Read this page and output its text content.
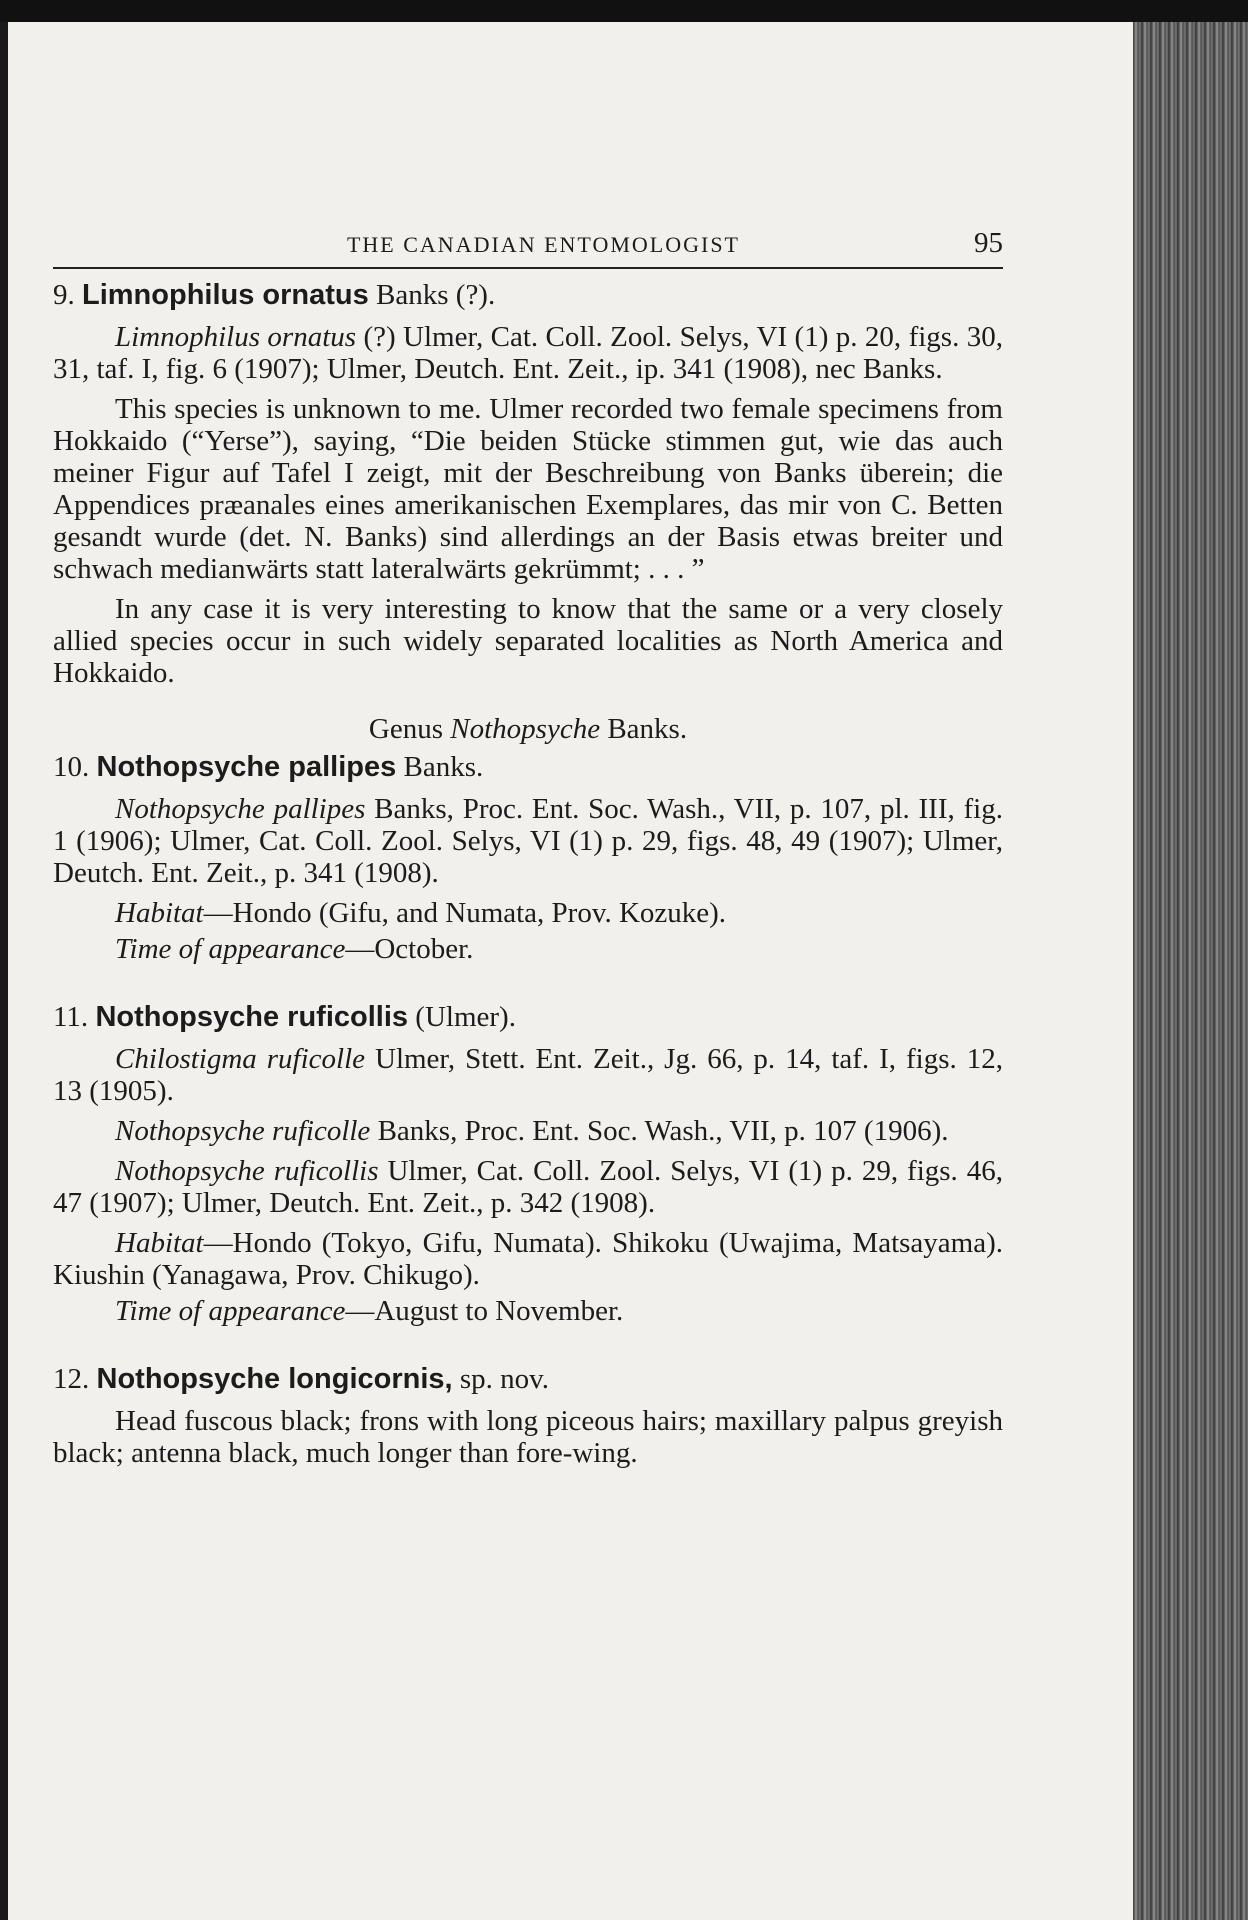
THE CANADIAN ENTOMOLOGIST	95
9. Limnophilus ornatus Banks (?).

Limnophilus ornatus (?) Ulmer, Cat. Coll. Zool. Selys, VI (1) p. 20, figs. 30, 31, taf. I, fig. 6 (1907); Ulmer, Deutch. Ent. Zeit., ip. 341 (1908), nec Banks.

This species is unknown to me. Ulmer recorded two female specimens from Hokkaido (“Yerse”), saying, “Die beiden Stücke stimmen gut, wie das auch meiner Figur auf Tafel I zeigt, mit der Beschreibung von Banks überein; die Appendices præanales eines amerikanischen Exemplares, das mir von C. Betten gesandt wurde (det. N. Banks) sind allerdings an der Basis etwas breiter und schwach medianwärts statt lateralwärts gekrümmt; . . . ”

In any case it is very interesting to know that the same or a very closely allied species occur in such widely separated localities as North America and Hokkaido.

Genus Nothopsyche Banks.
10. Nothopsyche pallipes Banks.

Nothopsyche pallipes Banks, Proc. Ent. Soc. Wash., VII, p. 107, pl. III, fig. 1 (1906); Ulmer, Cat. Coll. Zool. Selys, VI (1) p. 29, figs. 48, 49 (1907); Ulmer, Deutch. Ent. Zeit., p. 341 (1908).

Habitat—Hondo (Gifu, and Numata, Prov. Kozuke).

Time of appearance—October.

11. Nothopsyche ruficollis (Ulmer).

Chilostigma ruficolle Ulmer, Stett. Ent. Zeit., Jg. 66, p. 14, taf. I, figs. 12, 13 (1905).

Nothopsyche ruficolle Banks, Proc. Ent. Soc. Wash., VII, p. 107 (1906).

Nothopsyche ruficollis Ulmer, Cat. Coll. Zool. Selys, VI (1) p. 29, figs. 46, 47 (1907); Ulmer, Deutch. Ent. Zeit., p. 342 (1908).

Habitat—Hondo (Tokyo, Gifu, Numata). Shikoku (Uwajima, Matsayama). Kiushin (Yanagawa, Prov. Chikugo).

Time of appearance—August to November.

12. Nothopsyche longicornis, sp. nov.

Head fuscous black; frons with long piceous hairs; maxillary palpus greyish black; antenna black, much longer than fore-wing.
